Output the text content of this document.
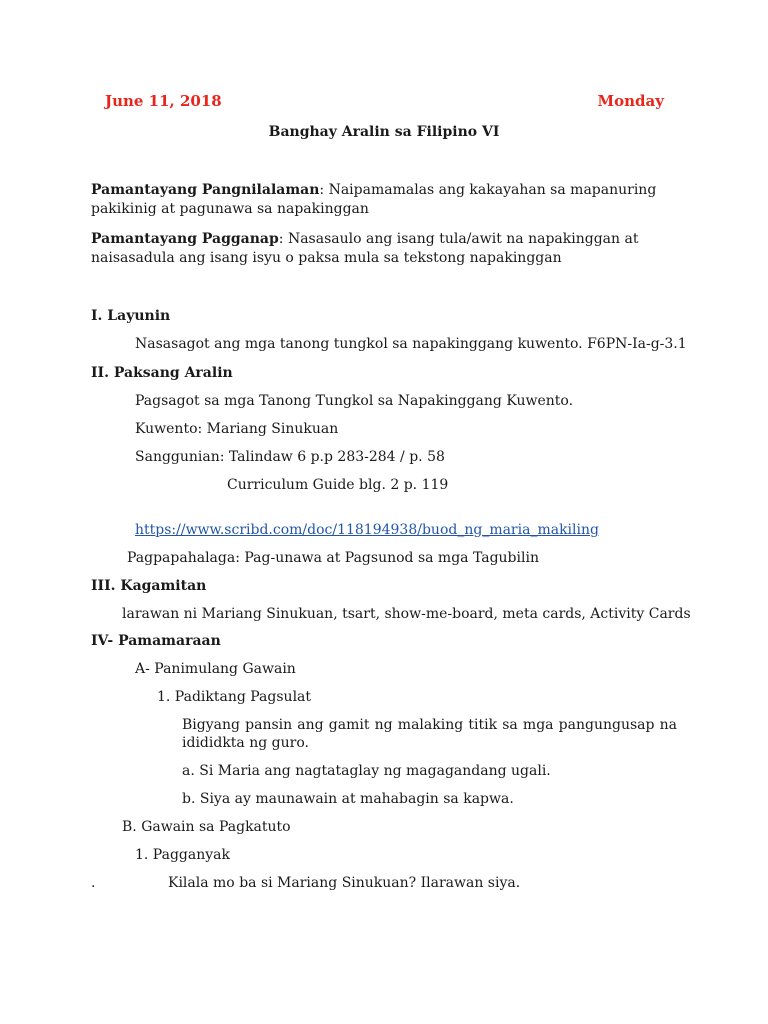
June 11, 2018	Monday
Banghay Aralin sa Filipino VI
Pamantayang Pangnilalaman: Naipamamalas ang kakayahan sa mapanuring
pakikinig at pagunawa sa napakinggan
Pamantayang Pagganap: Nasasaulo ang isang tula/awit na napakinggan at
naisasadula ang isang isyu o paksa mula sa tekstong napakinggan
I. Layunin
Nasasagot ang mga tanong tungkol sa napakinggang kuwento. F6PN-Ia-g-3.1
II. Paksang Aralin
Pagsagot sa mga Tanong Tungkol sa Napakinggang Kuwento.
Kuwento: Mariang Sinukuan
Sanggunian: Talindaw 6 p.p 283-284 / p. 58
Curriculum Guide blg. 2 p. 119
https://www.scribd.com/doc/118194938/buod_ng_maria_makiling
Pagpapahalaga: Pag-unawa at Pagsunod sa mga Tagubilin
III. Kagamitan
larawan ni Mariang Sinukuan, tsart, show-me-board, meta cards, Activity Cards
IV- Pamamaraan
A- Panimulang Gawain
1. Padiktang Pagsulat
Bigyang pansin ang gamit ng malaking titik sa mga pangungusap na idididkta ng guro.
a. Si Maria ang nagtataglay ng magagandang ugali.
b. Siya ay maunawain at mahabagin sa kapwa.
B. Gawain sa Pagkatuto
1. Pagganyak
.	Kilala mo ba si Mariang Sinukuan? Ilarawan siya.
